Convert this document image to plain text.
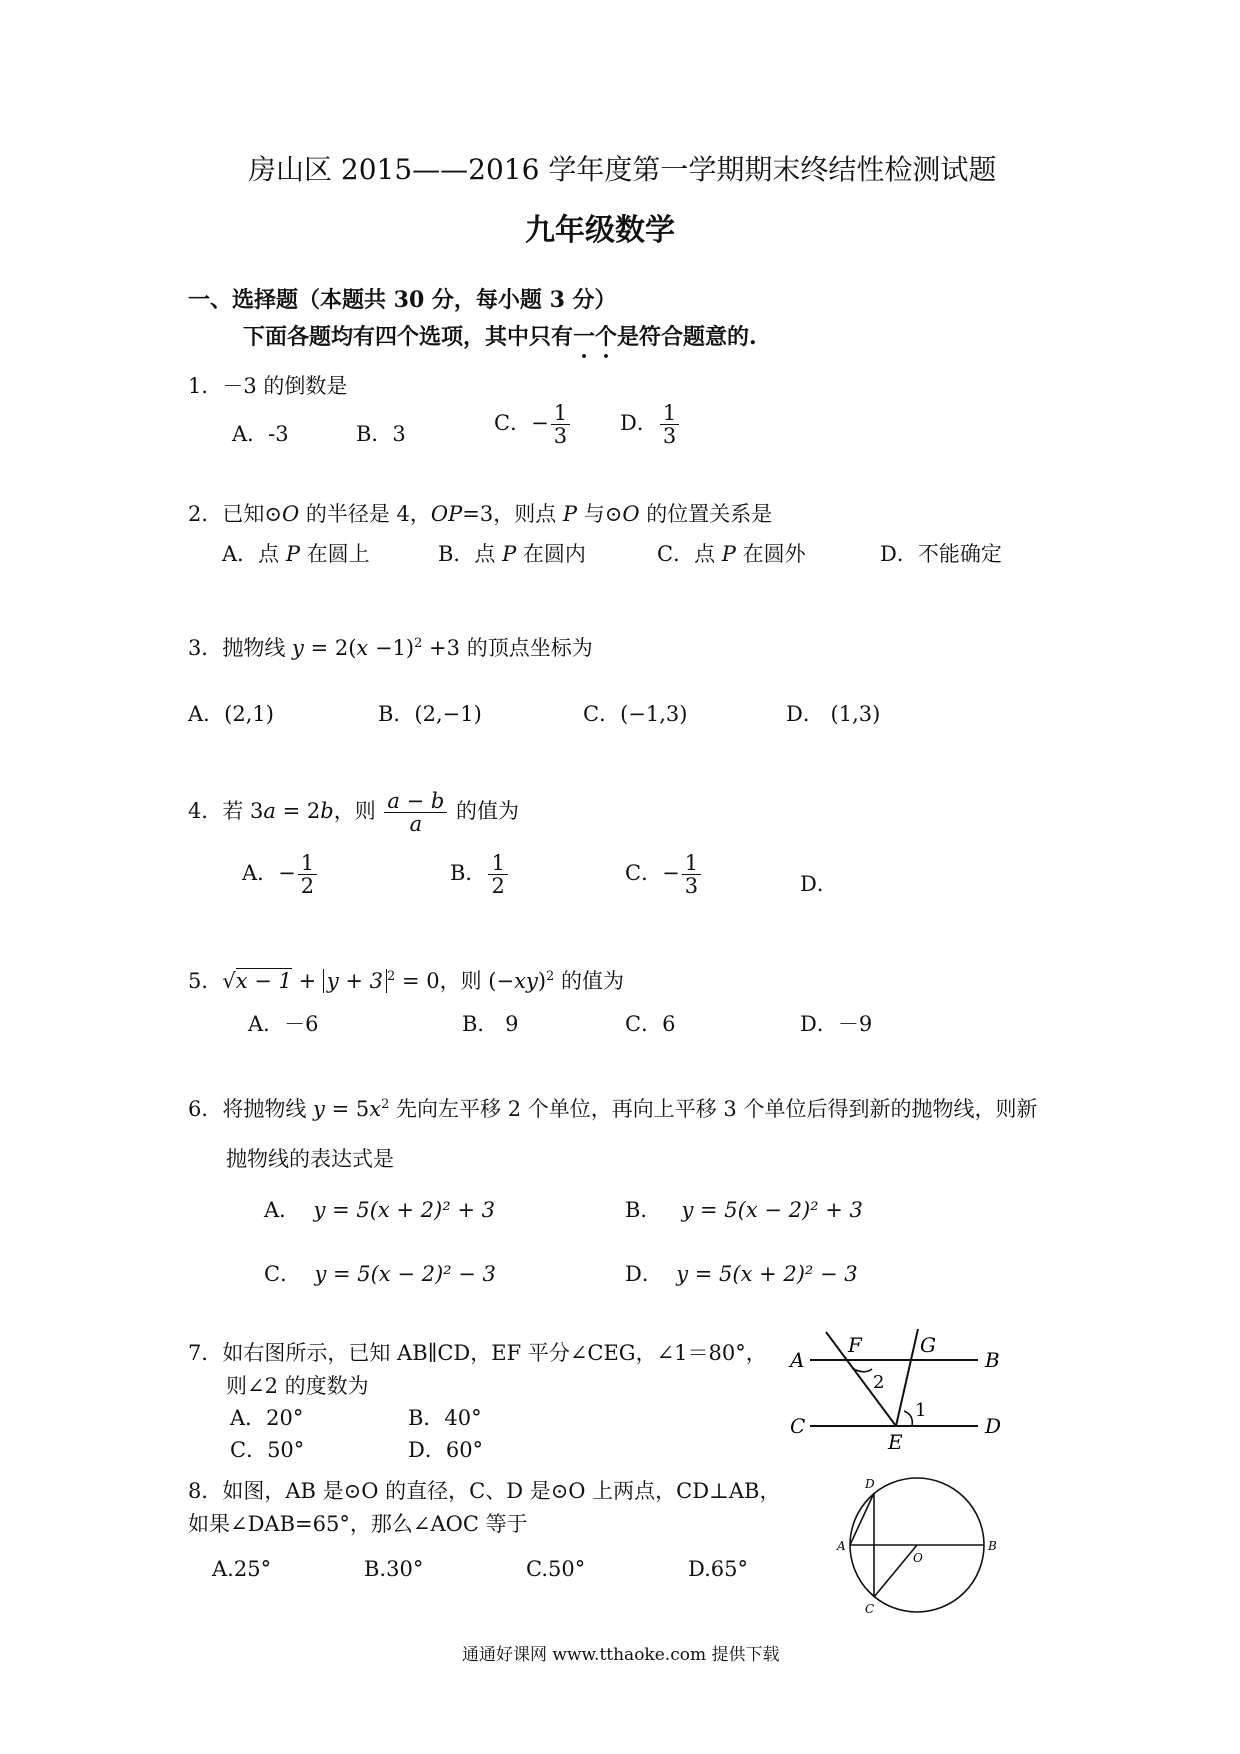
房山区 2015——2016 学年度第一学期期末终结性检测试题
九年级数学
一、选择题（本题共 30 分，每小题 3 分）
下面各题均有四个选项，其中只有一个是符合题意的.
1．－3 的倒数是
A．-3	B．3	C．− $\frac{1}{3}$ D． $\frac{1}{3}$
2．已知⊙O 的半径是 4，OP=3，则点 P 与⊙O 的位置关系是
A．点 P 在圆上	B．点 P 在圆内	C．点 P 在圆外	D．不能确定
3．抛物线 $y = 2(x -1)^2 +3$ 的顶点坐标为
A．(2,1)	B．(2,−1)	C．(−1,3)	D． (1,3)
4．若 3a = 2b，则 $\frac{a - b}{a}$ 的值为
A．− $\frac{1}{2}$	B． $\frac{1}{2}$	C．− $\frac{1}{3}$	D．
5．√x − 1 + y + 3 $^2$ = 0，则 $(-xy)^2$ 的值为
A．－6	B． 9	C．6	D．－9
6．将抛物线 $y = 5x^2$ 先向左平移 2 个单位，再向上平移 3 个单位后得到新的抛物线，则新
抛物线的表达式是
A． y = 5(x + 2)² + 3	B． y = 5(x − 2)² + 3
C． y = 5(x − 2)² − 3	D． y = 5(x + 2)² − 3
7．如右图所示，已知 AB∥CD，EF 平分∠CEG，∠1＝80°，
则∠2 的度数为
A．20°	B．40°
C．50°	D．60°
A	B
C	D
E
F	G
1
2
8．如图，AB 是⊙O 的直径，C、D 是⊙O 上两点，CD⊥AB，
如果∠DAB=65°，那么∠AOC 等于
A.25°	B.30°	C.50°	D.65°
D
A	B
C
O
通通好课网 www.tthaoke.com 提供下载
